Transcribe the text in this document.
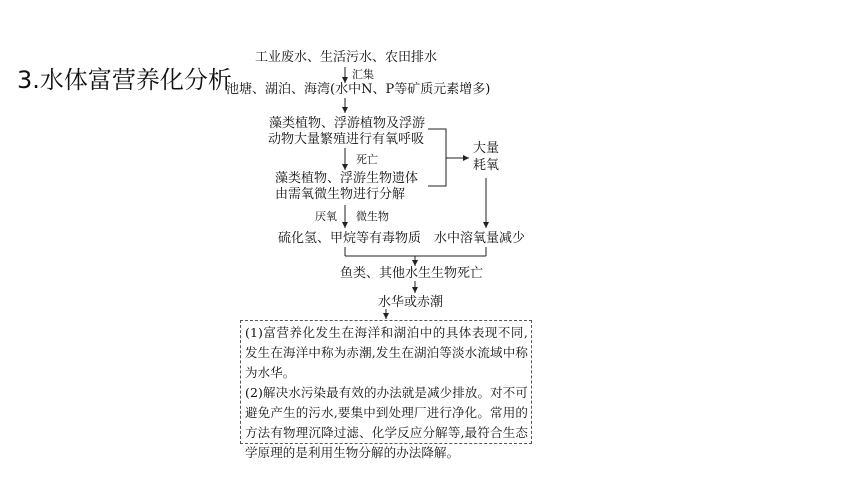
3.水体富营养化分析
工业废水、生活污水、农田排水
汇集
池塘、湖泊、海湾(水中N、P等矿质元素增多)
藻类植物、浮游植物及浮游
动物大量繁殖进行有氧呼吸
死亡
藻类植物、浮游生物遗体
由需氧微生物进行分解
厌氧 微生物
硫化氢、甲烷等有毒物质
大量
耗氧
水中溶氧量减少
鱼类、其他水生生物死亡
水华或赤潮

(1)富营养化发生在海洋和湖泊中的具体表现不同,发生在海洋中称为赤潮,发生在湖泊等淡水流域中称为水华。

(2)解决水污染最有效的办法就是减少排放。对不可避免产生的污水,要集中到处理厂进行净化。常用的方法有物理沉降过滤、化学反应分解等,最符合生态学原理的是利用生物分解的办法降解。
